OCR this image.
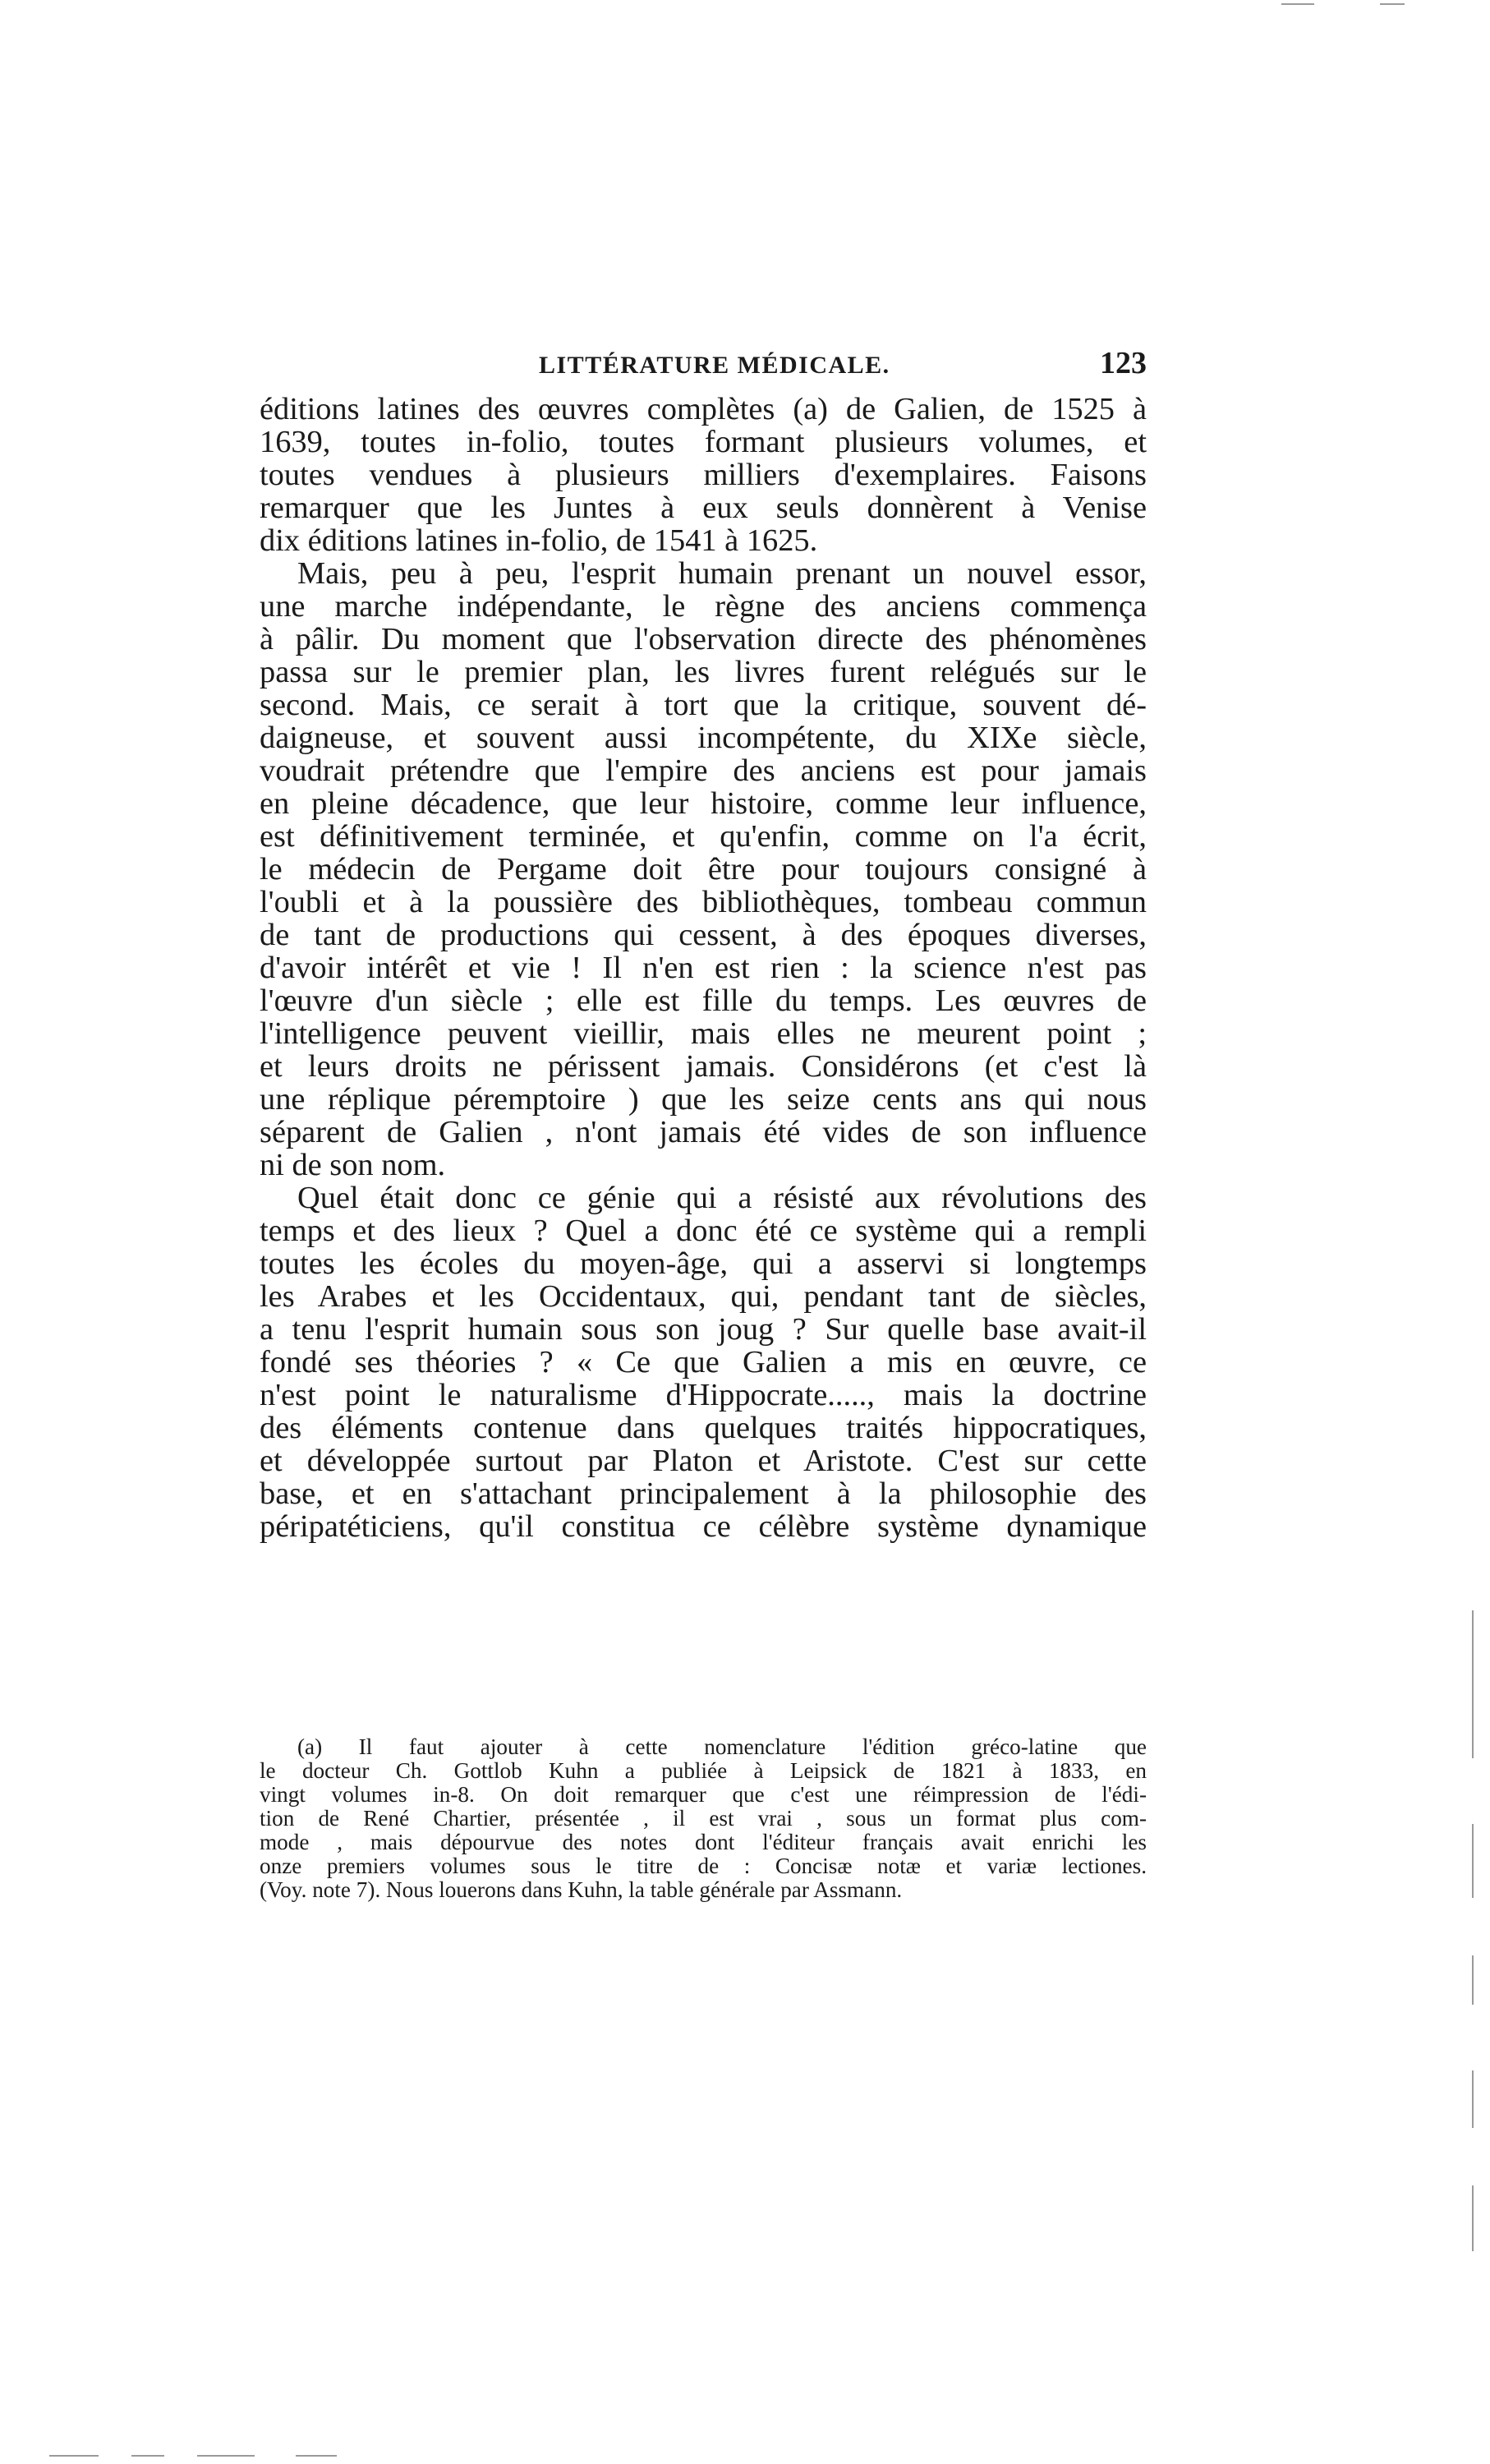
LITTÉRATURE MÉDICALE.	123
éditions latines des œuvres complètes (a) de Galien, de 1525 à
1639, toutes in-folio, toutes formant plusieurs volumes, et
toutes vendues à plusieurs milliers d'exemplaires. Faisons
remarquer que les Juntes à eux seuls donnèrent à Venise
dix éditions latines in-folio, de 1541 à 1625.
Mais, peu à peu, l'esprit humain prenant un nouvel essor,
une marche indépendante, le règne des anciens commença
à pâlir. Du moment que l'observation directe des phénomènes
passa sur le premier plan, les livres furent relégués sur le
second. Mais, ce serait à tort que la critique, souvent dé-
daigneuse, et souvent aussi incompétente, du XIXe siècle,
voudrait prétendre que l'empire des anciens est pour jamais
en pleine décadence, que leur histoire, comme leur influence,
est définitivement terminée, et qu'enfin, comme on l'a écrit,
le médecin de Pergame doit être pour toujours consigné à
l'oubli et à la poussière des bibliothèques, tombeau commun
de tant de productions qui cessent, à des époques diverses,
d'avoir intérêt et vie ! Il n'en est rien : la science n'est pas
l'œuvre d'un siècle ; elle est fille du temps. Les œuvres de
l'intelligence peuvent vieillir, mais elles ne meurent point ;
et leurs droits ne périssent jamais. Considérons (et c'est là
une réplique péremptoire ) que les seize cents ans qui nous
séparent de Galien , n'ont jamais été vides de son influence
ni de son nom.
Quel était donc ce génie qui a résisté aux révolutions des
temps et des lieux ? Quel a donc été ce système qui a rempli
toutes les écoles du moyen-âge, qui a asservi si longtemps
les Arabes et les Occidentaux, qui, pendant tant de siècles,
a tenu l'esprit humain sous son joug ? Sur quelle base avait-il
fondé ses théories ? « Ce que Galien a mis en œuvre, ce
n'est point le naturalisme d'Hippocrate....., mais la doctrine
des éléments contenue dans quelques traités hippocratiques,
et développée surtout par Platon et Aristote. C'est sur cette
base, et en s'attachant principalement à la philosophie des
péripatéticiens, qu'il constitua ce célèbre système dynamique
(a) Il faut ajouter à cette nomenclature l'édition gréco-latine que
le docteur Ch. Gottlob Kuhn a publiée à Leipsick de 1821 à 1833, en
vingt volumes in-8. On doit remarquer que c'est une réimpression de l'édi-
tion de René Chartier, présentée , il est vrai , sous un format plus com-
mode , mais dépourvue des notes dont l'éditeur français avait enrichi les
onze premiers volumes sous le titre de : Concisæ notæ et variæ lectiones.
(Voy. note 7). Nous louerons dans Kuhn, la table générale par Assmann.
